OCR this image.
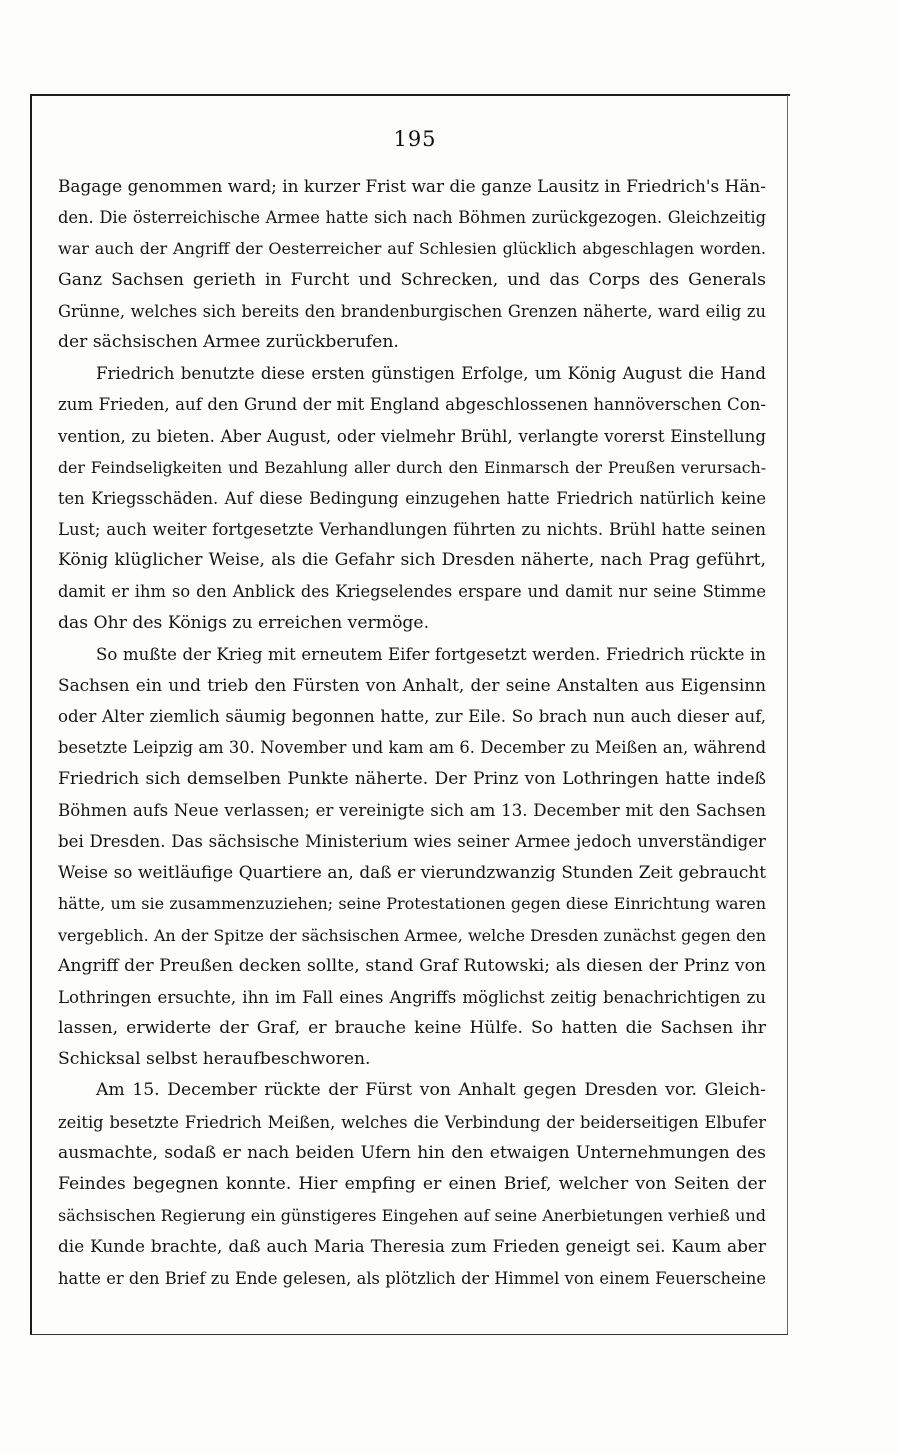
195
Bagage genommen ward; in kurzer Frist war die ganze Lausitz in Friedrich's Hän-
den. Die österreichische Armee hatte sich nach Böhmen zurückgezogen. Gleichzeitig
war auch der Angriff der Oesterreicher auf Schlesien glücklich abgeschlagen worden.
Ganz Sachsen gerieth in Furcht und Schrecken, und das Corps des Generals
Grünne, welches sich bereits den brandenburgischen Grenzen näherte, ward eilig zu
der sächsischen Armee zurückberufen.
Friedrich benutzte diese ersten günstigen Erfolge, um König August die Hand
zum Frieden, auf den Grund der mit England abgeschlossenen hannöverschen Con-
vention, zu bieten. Aber August, oder vielmehr Brühl, verlangte vorerst Einstellung
der Feindseligkeiten und Bezahlung aller durch den Einmarsch der Preußen verursach-
ten Kriegsschäden. Auf diese Bedingung einzugehen hatte Friedrich natürlich keine
Lust; auch weiter fortgesetzte Verhandlungen führten zu nichts. Brühl hatte seinen
König klüglicher Weise, als die Gefahr sich Dresden näherte, nach Prag geführt,
damit er ihm so den Anblick des Kriegselendes erspare und damit nur seine Stimme
das Ohr des Königs zu erreichen vermöge.
So mußte der Krieg mit erneutem Eifer fortgesetzt werden. Friedrich rückte in
Sachsen ein und trieb den Fürsten von Anhalt, der seine Anstalten aus Eigensinn
oder Alter ziemlich säumig begonnen hatte, zur Eile. So brach nun auch dieser auf,
besetzte Leipzig am 30. November und kam am 6. December zu Meißen an, während
Friedrich sich demselben Punkte näherte. Der Prinz von Lothringen hatte indeß
Böhmen aufs Neue verlassen; er vereinigte sich am 13. December mit den Sachsen
bei Dresden. Das sächsische Ministerium wies seiner Armee jedoch unverständiger
Weise so weitläufige Quartiere an, daß er vierundzwanzig Stunden Zeit gebraucht
hätte, um sie zusammenzuziehen; seine Protestationen gegen diese Einrichtung waren
vergeblich. An der Spitze der sächsischen Armee, welche Dresden zunächst gegen den
Angriff der Preußen decken sollte, stand Graf Rutowski; als diesen der Prinz von
Lothringen ersuchte, ihn im Fall eines Angriffs möglichst zeitig benachrichtigen zu
lassen, erwiderte der Graf, er brauche keine Hülfe. So hatten die Sachsen ihr
Schicksal selbst heraufbeschworen.
Am 15. December rückte der Fürst von Anhalt gegen Dresden vor. Gleich-
zeitig besetzte Friedrich Meißen, welches die Verbindung der beiderseitigen Elbufer
ausmachte, sodaß er nach beiden Ufern hin den etwaigen Unternehmungen des
Feindes begegnen konnte. Hier empfing er einen Brief, welcher von Seiten der
sächsischen Regierung ein günstigeres Eingehen auf seine Anerbietungen verhieß und
die Kunde brachte, daß auch Maria Theresia zum Frieden geneigt sei. Kaum aber
hatte er den Brief zu Ende gelesen, als plötzlich der Himmel von einem Feuerscheine
